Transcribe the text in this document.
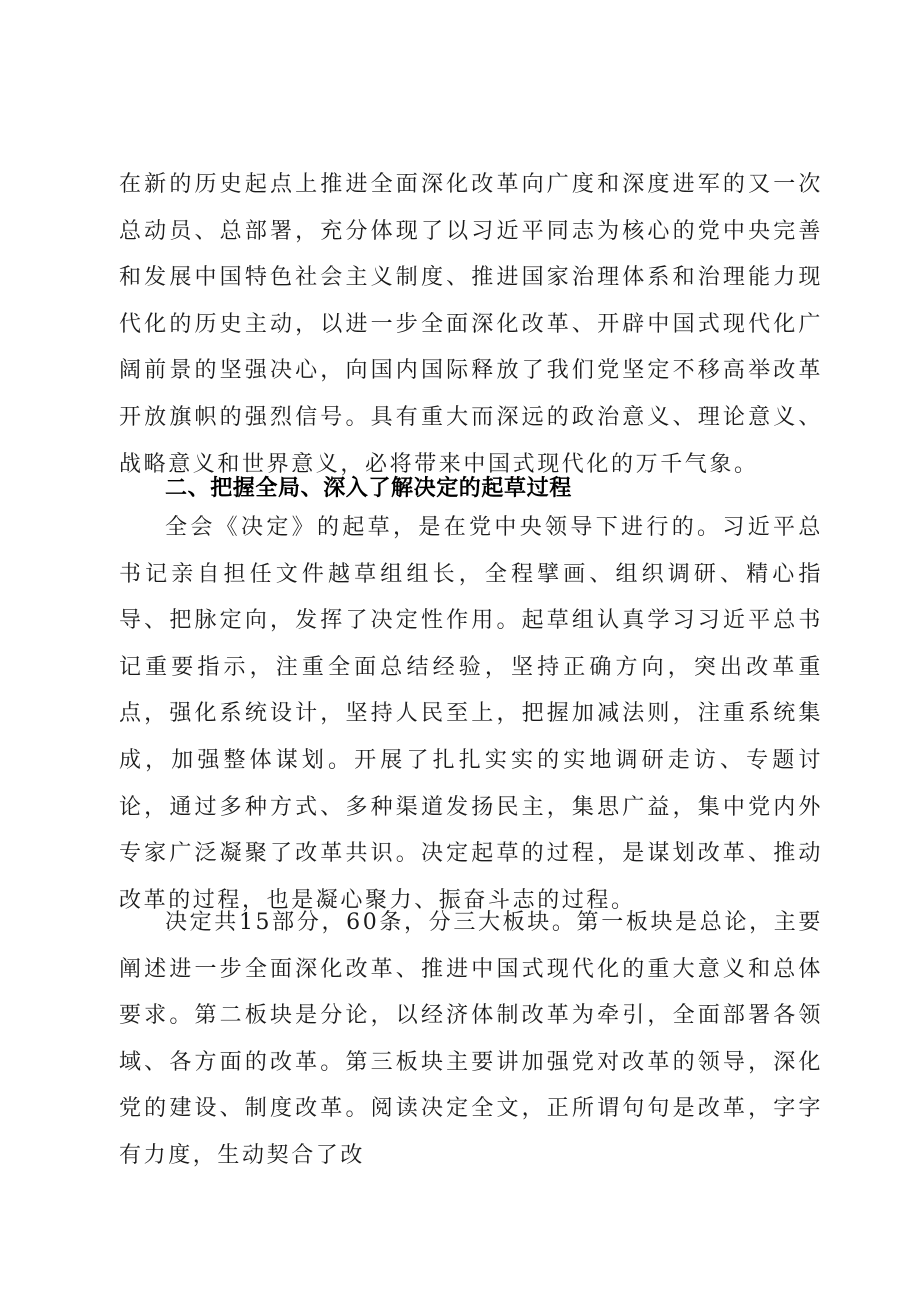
在新的历史起点上推进全面深化改革向广度和深度进军的又一次总动员、总部署，充分体现了以习近平同志为核心的党中央完善和发展中国特色社会主义制度、推进国家治理体系和治理能力现代化的历史主动，以进一步全面深化改革、开辟中国式现代化广阔前景的坚强决心，向国内国际释放了我们党坚定不移高举改革开放旗帜的强烈信号。具有重大而深远的政治意义、理论意义、战略意义和世界意义，必将带来中国式现代化的万千气象。

二、把握全局、深入了解决定的起草过程

全会《决定》的起草，是在党中央领导下进行的。习近平总书记亲自担任文件越草组组长，全程擘画、组织调研、精心指导、把脉定向，发挥了决定性作用。起草组认真学习习近平总书记重要指示，注重全面总结经验，坚持正确方向，突出改革重点，强化系统设计，坚持人民至上，把握加减法则，注重系统集成，加强整体谋划。开展了扎扎实实的实地调研走访、专题讨论，通过多种方式、多种渠道发扬民主，集思广益，集中党内外专家广泛凝聚了改革共识。决定起草的过程，是谋划改革、推动改革的过程，也是凝心聚力、振奋斗志的过程。

决定共15部分，60条，分三大板块。第一板块是总论，主要阐述进一步全面深化改革、推进中国式现代化的重大意义和总体要求。第二板块是分论，以经济体制改革为牵引，全面部署各领域、各方面的改革。第三板块主要讲加强党对改革的领导，深化党的建设、制度改革。阅读决定全文，正所谓句句是改革，字字有力度，生动契合了改
